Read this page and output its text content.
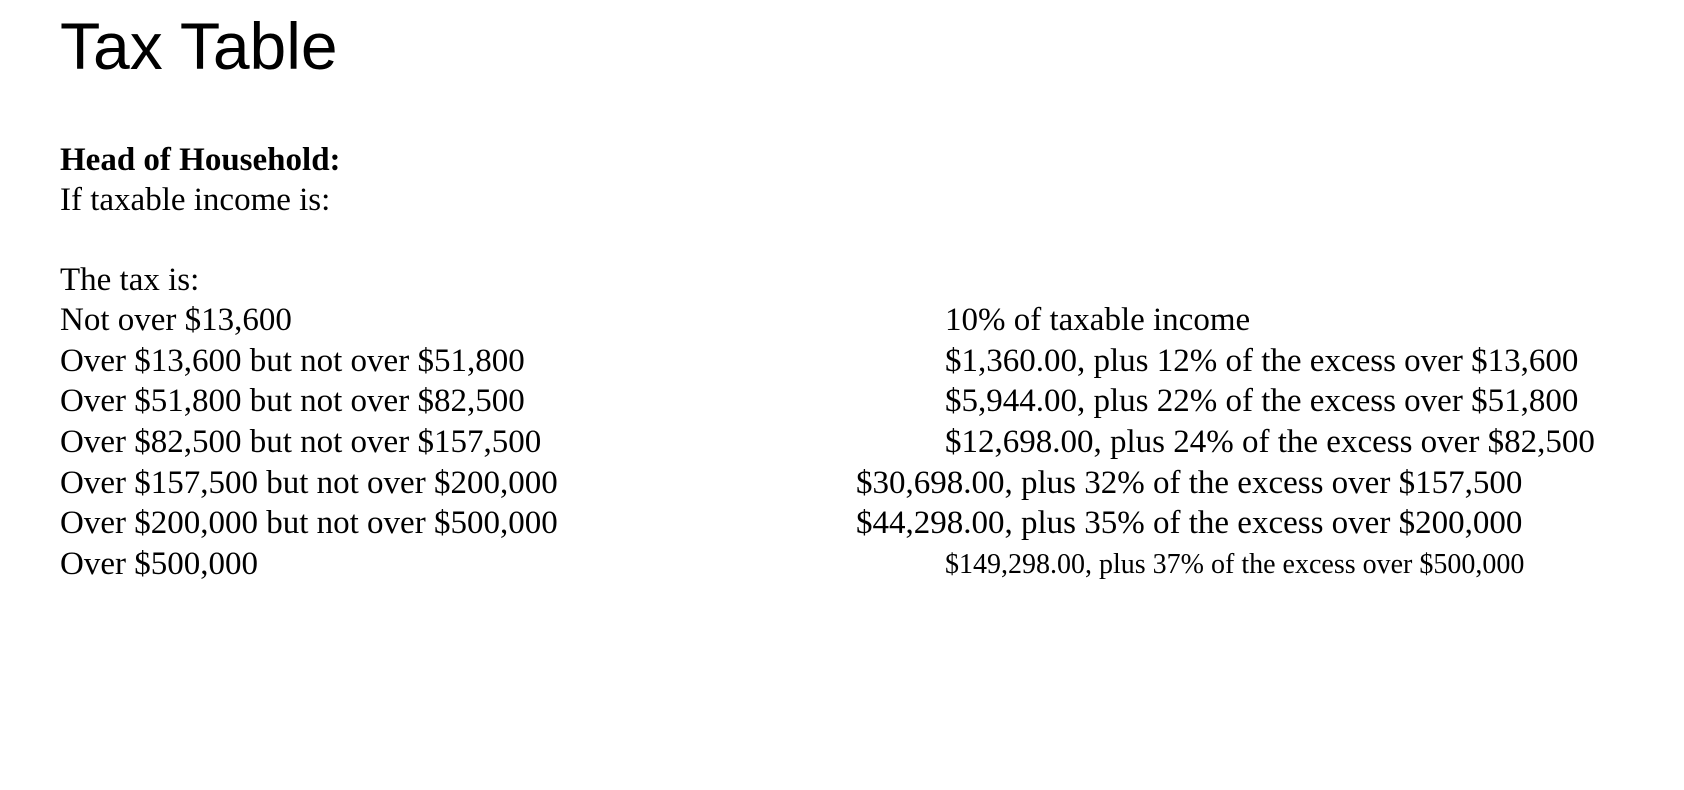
Tax Table
Head of Household:
If taxable income is:
The tax is:
Not over $13,600	10% of taxable income
Over $13,600 but not over $51,800	$1,360.00, plus 12% of the excess over $13,600
Over $51,800 but not over $82,500	$5,944.00, plus 22% of the excess over $51,800
Over $82,500 but not over $157,500	$12,698.00, plus 24% of the excess over $82,500
Over $157,500 but not over $200,000	$30,698.00, plus 32% of the excess over $157,500
Over $200,000 but not over $500,000	$44,298.00, plus 35% of the excess over $200,000
Over $500,000	$149,298.00, plus 37% of the excess over $500,000
